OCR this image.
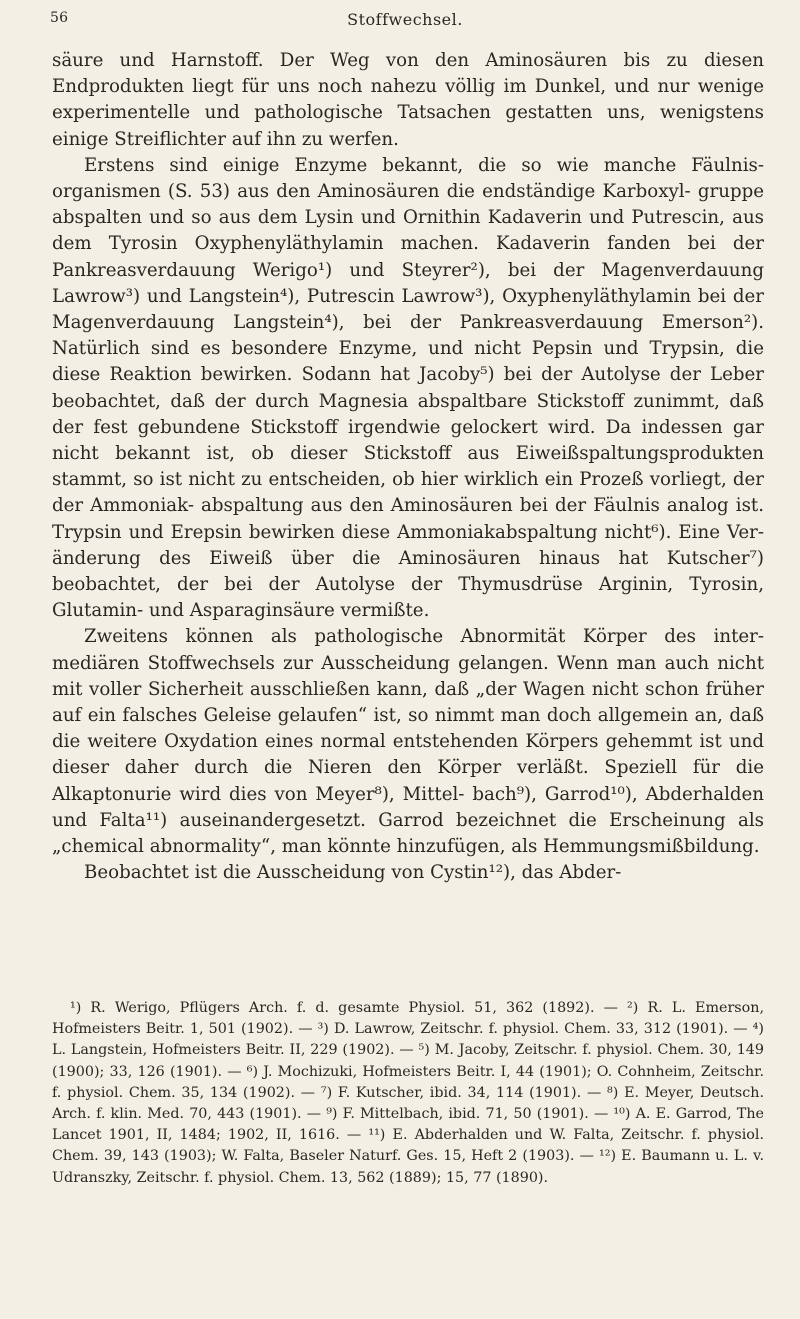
56	Stoffwechsel.

säure und Harnstoff. Der Weg von den Aminosäuren bis zu diesen Endprodukten liegt für uns noch nahezu völlig im Dunkel, und nur wenige experimentelle und pathologische Tatsachen gestatten uns, wenigstens einige Streiflichter auf ihn zu werfen.

Erstens sind einige Enzyme bekannt, die so wie manche Fäulnis- organismen (S. 53) aus den Aminosäuren die endständige Karboxyl- gruppe abspalten und so aus dem Lysin und Ornithin Kadaverin und Putrescin, aus dem Tyrosin Oxyphenyläthylamin machen. Kadaverin fanden bei der Pankreasverdauung Werigo¹) und Steyrer²), bei der Magenverdauung Lawrow³) und Langstein⁴), Putrescin Lawrow³), Oxyphenyläthylamin bei der Magenverdauung Langstein⁴), bei der Pankreasverdauung Emerson²). Natürlich sind es besondere Enzyme, und nicht Pepsin und Trypsin, die diese Reaktion bewirken. Sodann hat Jacoby⁵) bei der Autolyse der Leber beobachtet, daß der durch Magnesia abspaltbare Stickstoff zunimmt, daß der fest gebundene Stickstoff irgendwie gelockert wird. Da indessen gar nicht bekannt ist, ob dieser Stickstoff aus Eiweißspaltungsprodukten stammt, so ist nicht zu entscheiden, ob hier wirklich ein Prozeß vorliegt, der der Ammoniak- abspaltung aus den Aminosäuren bei der Fäulnis analog ist. Trypsin und Erepsin bewirken diese Ammoniakabspaltung nicht⁶). Eine Ver- änderung des Eiweiß über die Aminosäuren hinaus hat Kutscher⁷) beobachtet, der bei der Autolyse der Thymusdrüse Arginin, Tyrosin, Glutamin- und Asparaginsäure vermißte.

Zweitens können als pathologische Abnormität Körper des inter- mediären Stoffwechsels zur Ausscheidung gelangen. Wenn man auch nicht mit voller Sicherheit ausschließen kann, daß „der Wagen nicht schon früher auf ein falsches Geleise gelaufen“ ist, so nimmt man doch allgemein an, daß die weitere Oxydation eines normal entstehenden Körpers gehemmt ist und dieser daher durch die Nieren den Körper verläßt. Speziell für die Alkaptonurie wird dies von Meyer⁸), Mittel- bach⁹), Garrod¹⁰), Abderhalden und Falta¹¹) auseinandergesetzt. Garrod bezeichnet die Erscheinung als „chemical abnormality“, man könnte hinzufügen, als Hemmungsmißbildung.

Beobachtet ist die Ausscheidung von Cystin¹²), das Abder-

¹) R. Werigo, Pflügers Arch. f. d. gesamte Physiol. 51, 362 (1892). — ²) R. L. Emerson, Hofmeisters Beitr. 1, 501 (1902). — ³) D. Lawrow, Zeitschr. f. physiol. Chem. 33, 312 (1901). — ⁴) L. Langstein, Hofmeisters Beitr. II, 229 (1902). — ⁵) M. Jacoby, Zeitschr. f. physiol. Chem. 30, 149 (1900); 33, 126 (1901). — ⁶) J. Mochizuki, Hofmeisters Beitr. I, 44 (1901); O. Cohnheim, Zeitschr. f. physiol. Chem. 35, 134 (1902). — ⁷) F. Kutscher, ibid. 34, 114 (1901). — ⁸) E. Meyer, Deutsch. Arch. f. klin. Med. 70, 443 (1901). — ⁹) F. Mittelbach, ibid. 71, 50 (1901). — ¹⁰) A. E. Garrod, The Lancet 1901, II, 1484; 1902, II, 1616. — ¹¹) E. Abderhalden und W. Falta, Zeitschr. f. physiol. Chem. 39, 143 (1903); W. Falta, Baseler Naturf. Ges. 15, Heft 2 (1903). — ¹²) E. Baumann u. L. v. Udranszky, Zeitschr. f. physiol. Chem. 13, 562 (1889); 15, 77 (1890).
